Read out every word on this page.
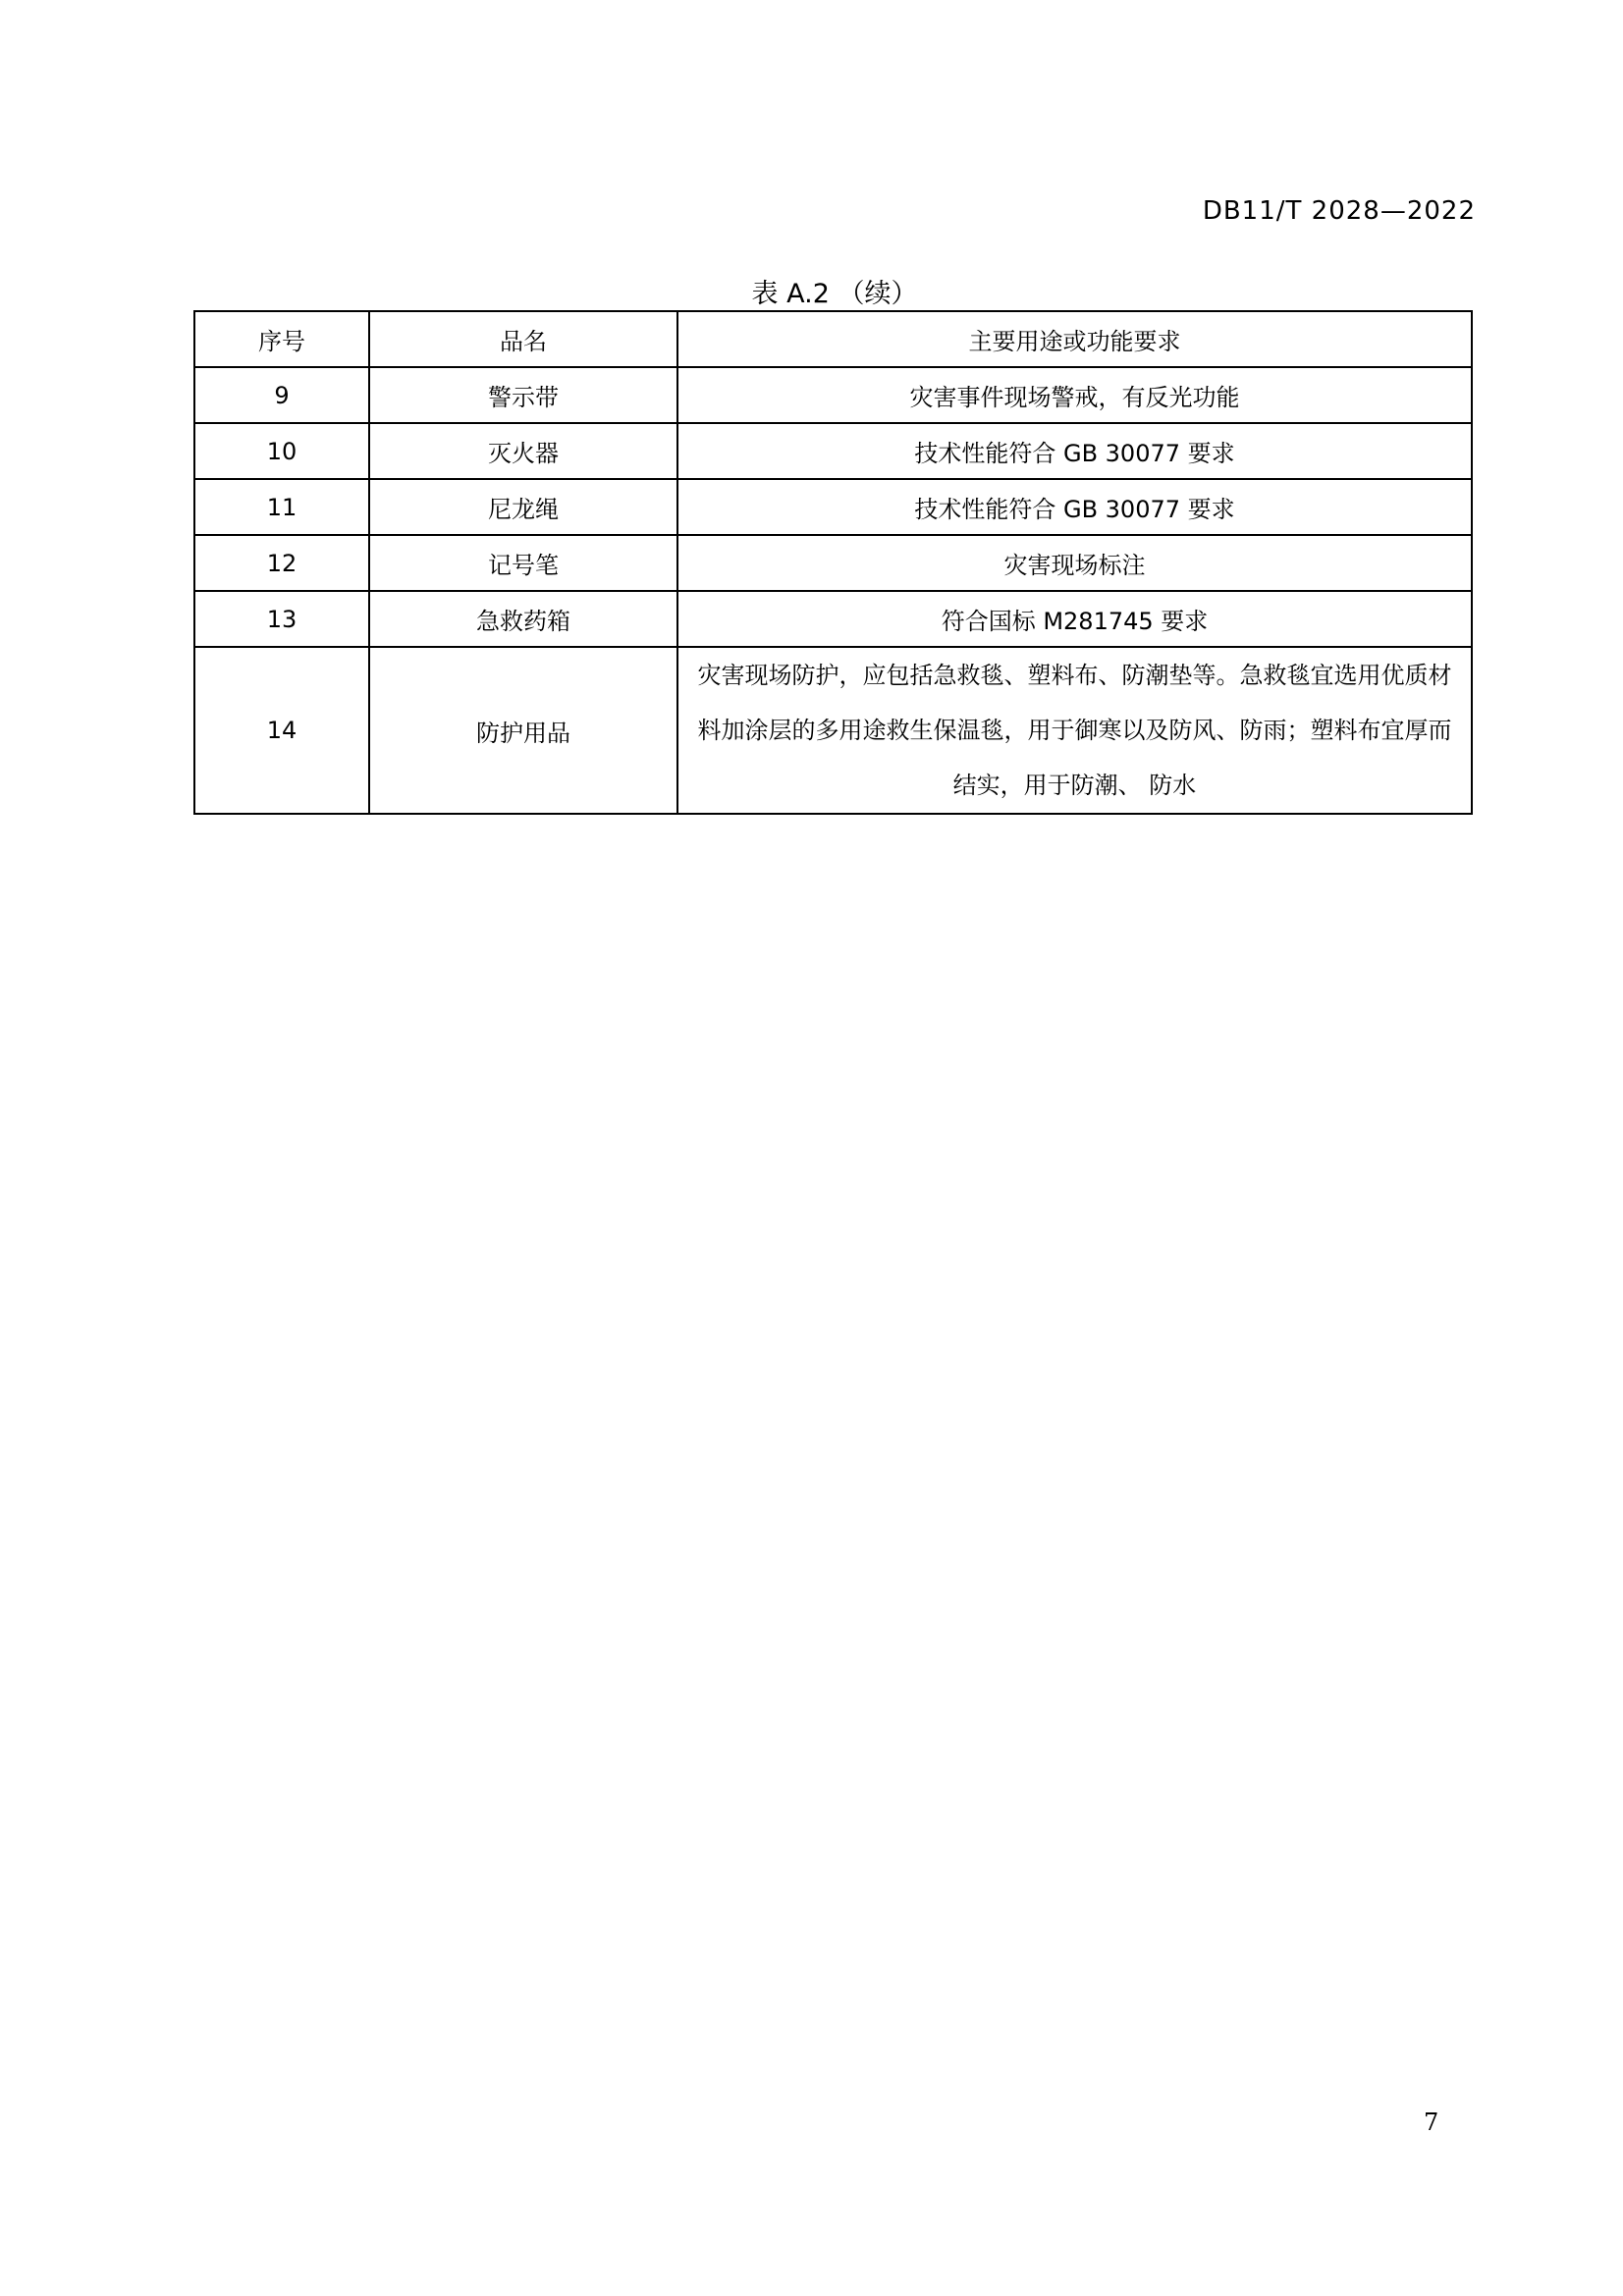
DB11/T 2028—2022
表 A.2 （续）
序号	品名	主要用途或功能要求
9	警示带	灾害事件现场警戒，有反光功能
10	灭火器	技术性能符合 GB 30077 要求
11	尼龙绳	技术性能符合 GB 30077 要求
12	记号笔	灾害现场标注
13	急救药箱	符合国标 M281745 要求
14	防护用品	灾害现场防护，应包括急救毯、塑料布、防潮垫等。急救毯宜选用优质材料加涂层的多用途救生保温毯，用于御寒以及防风、防雨；塑料布宜厚而结实，用于防潮、 防水
7
